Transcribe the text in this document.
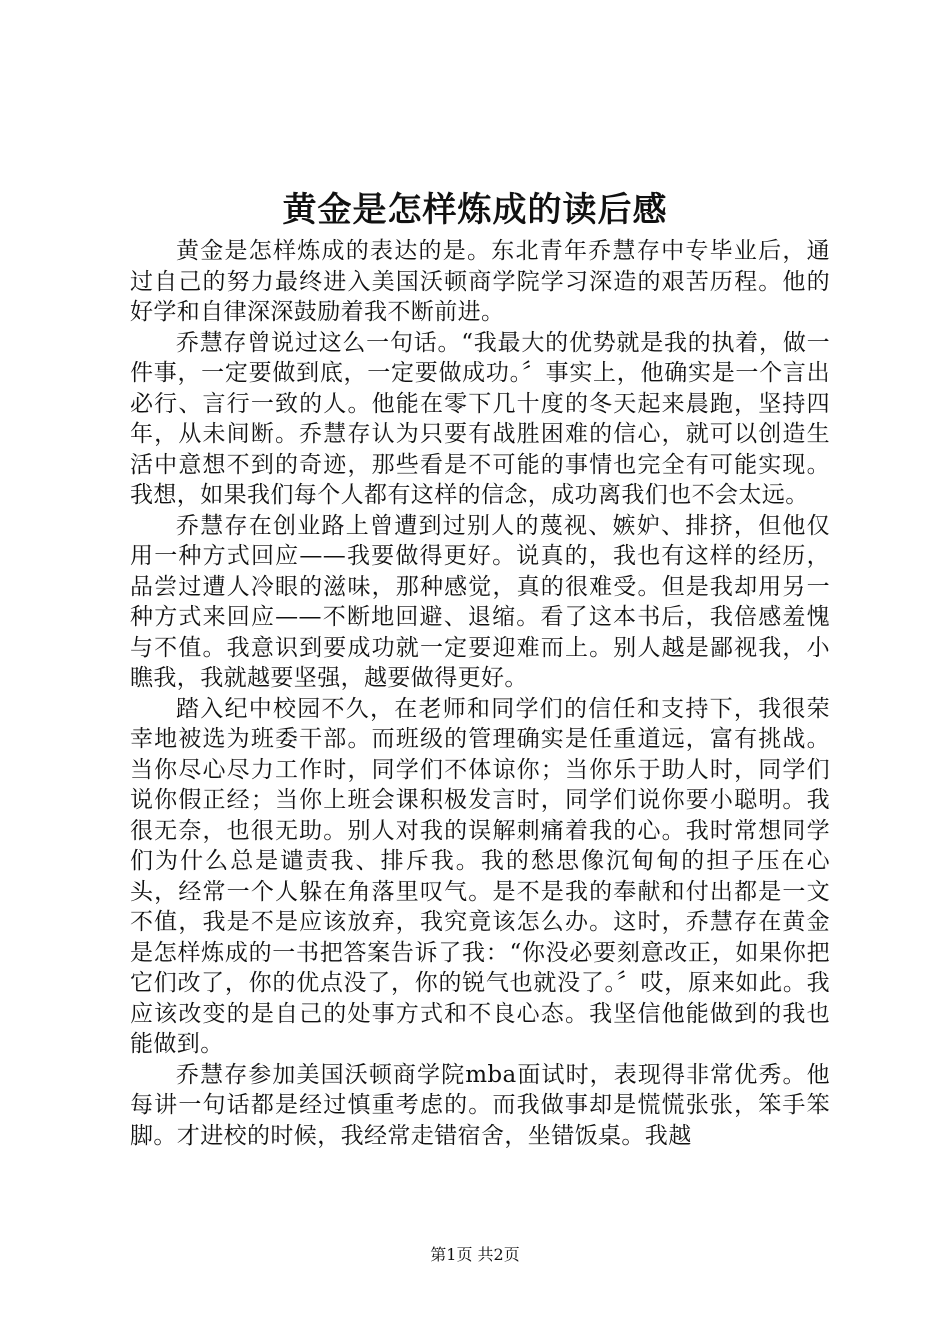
黄金是怎样炼成的读后感

黄金是怎样炼成的表达的是。东北青年乔慧存中专毕业后，通过自己的努力最终进入美国沃顿商学院学习深造的艰苦历程。他的好学和自律深深鼓励着我不断前进。

乔慧存曾说过这么一句话。“我最大的优势就是我的执着，做一件事，一定要做到底，一定要做成功。〞事实上，他确实是一个言出必行、言行一致的人。他能在零下几十度的冬天起来晨跑，坚持四年，从未间断。乔慧存认为只要有战胜困难的信心，就可以创造生活中意想不到的奇迹，那些看是不可能的事情也完全有可能实现。我想，如果我们每个人都有这样的信念，成功离我们也不会太远。

乔慧存在创业路上曾遭到过别人的蔑视、嫉妒、排挤，但他仅用一种方式回应——我要做得更好。说真的，我也有这样的经历，品尝过遭人冷眼的滋味，那种感觉，真的很难受。但是我却用另一种方式来回应——不断地回避、退缩。看了这本书后，我倍感羞愧与不值。我意识到要成功就一定要迎难而上。别人越是鄙视我，小瞧我，我就越要坚强，越要做得更好。

踏入纪中校园不久，在老师和同学们的信任和支持下，我很荣幸地被选为班委干部。而班级的管理确实是任重道远，富有挑战。当你尽心尽力工作时，同学们不体谅你；当你乐于助人时，同学们说你假正经；当你上班会课积极发言时，同学们说你要小聪明。我很无奈，也很无助。别人对我的误解刺痛着我的心。我时常想同学们为什么总是谴责我、排斥我。我的愁思像沉甸甸的担子压在心头，经常一个人躲在角落里叹气。是不是我的奉献和付出都是一文不值，我是不是应该放弃，我究竟该怎么办。这时，乔慧存在黄金是怎样炼成的一书把答案告诉了我：“你没必要刻意改正，如果你把它们改了，你的优点没了，你的锐气也就没了。〞哎，原来如此。我应该改变的是自己的处事方式和不良心态。我坚信他能做到的我也能做到。

乔慧存参加美国沃顿商学院mba面试时，表现得非常优秀。他每讲一句话都是经过慎重考虑的。而我做事却是慌慌张张，笨手笨脚。才进校的时候，我经常走错宿舍，坐错饭桌。我越

第1页 共2页
